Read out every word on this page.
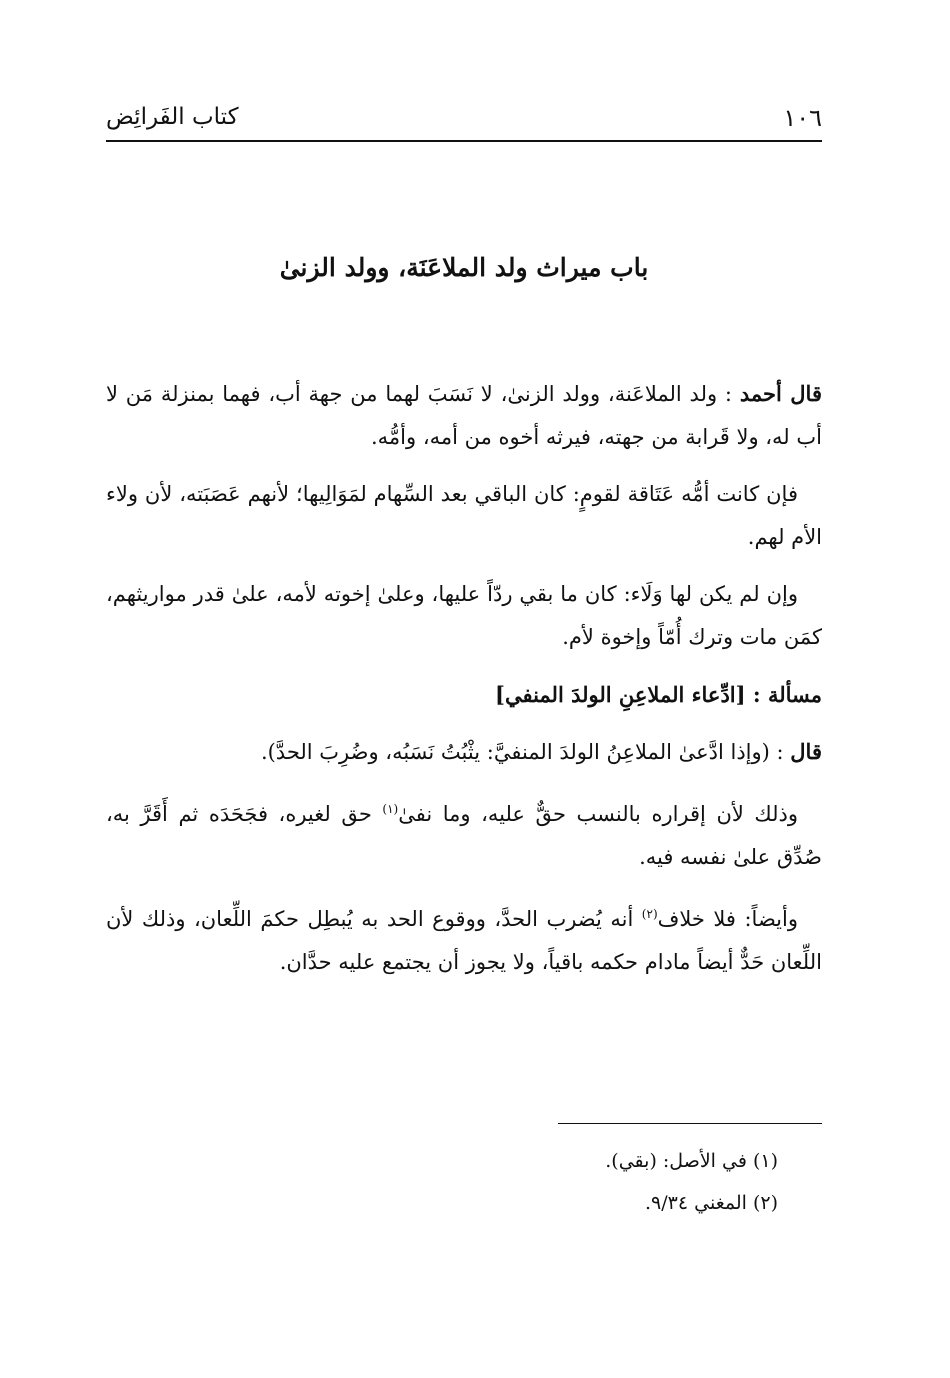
١٠٦
كتاب الفَرائِض
باب ميراث ولد الملاعَنَة، وولد الزنىٰ

قال أحمد : ولد الملاعَنة، وولد الزنىٰ، لا نَسَبَ لهما من جهة أب، فهما بمنزلة مَن لا أب له، ولا قَرابة من جهته، فيرثه أخوه من أمه، وأمُّه.

فإن كانت أمُّه عَتَاقة لقومٍ: كان الباقي بعد السِّهام لمَوَالِيها؛ لأنهم عَصَبَته، لأن ولاء الأم لهم.

وإن لم يكن لها وَلَاء: كان ما بقي ردّاً عليها، وعلىٰ إخوته لأمه، علىٰ قدر مواريثهم، كمَن مات وترك أُمّاً وإخوة لأم.

مسألة : [ادِّعاء الملاعِنِ الولدَ المنفي]

قال : (وإذا ادَّعىٰ الملاعِنُ الولدَ المنفيَّ: يثْبُتُ نَسَبُه، وضُرِبَ الحدَّ).

وذلك لأن إقراره بالنسب حقٌّ عليه، وما نفىٰ$^{(١)}$ حق لغيره، فجَحَدَه ثم أَقَرَّ به، صُدِّق علىٰ نفسه فيه.

وأيضاً: فلا خلاف$^{(٢)}$ أنه يُضرب الحدَّ، ووقوع الحد به يُبطِل حكمَ اللِّعان، وذلك لأن اللِّعان حَدٌّ أيضاً مادام حكمه باقياً، ولا يجوز أن يجتمع عليه حدَّان.

(١) في الأصل: (بقي).
(٢) المغني ٩/٣٤.
